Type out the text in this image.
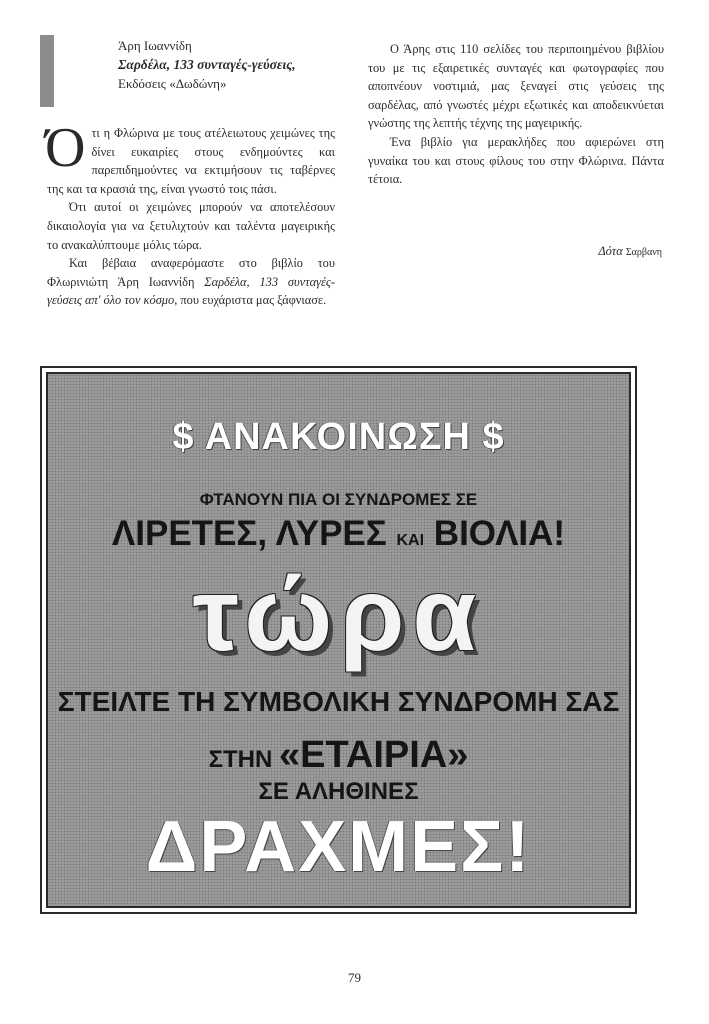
Άρη Ιωαννίδη
Σαρδέλα, 133 συνταγές-γεύσεις,
Εκδόσεις «Δωδώνη»

Ότι η Φλώρινα με τους ατέλειωτους χειμώνες της δίνει ευκαιρίες στους ενδημούντες και παρεπιδημούντες να εκτιμήσουν τις ταβέρνες της και τα κρασιά της, είναι γνωστό τοις πάσι.

Ότι αυτοί οι χειμώνες μπορούν να αποτελέσουν δικαιολογία για να ξετυλιχτούν και ταλέντα μαγειρικής το ανακαλύπτουμε μόλις τώρα.

Και βέβαια αναφερόμαστε στο βιβλίο του Φλωρινιώτη Άρη Ιωαννίδη Σαρδέλα, 133 συνταγές-γεύσεις απ' όλο τον κόσμο, που ευχάριστα μας ξάφνιασε.

Ο Άρης στις 110 σελίδες του περιποιημένου βιβλίου του με τις εξαιρετικές συνταγές και φωτογραφίες που αποπνέουν νοστιμιά, μας ξεναγεί στις γεύσεις της σαρδέλας, από γνωστές μέχρι εξωτικές και αποδεικνύεται γνώστης της λεπτής τέχνης της μαγειρικής.

Ένα βιβλίο για μερακλήδες που αφιερώνει στη γυναίκα του και στους φίλους του στην Φλώρινα. Πάντα τέτοια.

Δότα Σαρβανη
$ ΑΝΑΚΟΙΝΩΣΗ $
ΦΤΑΝΟΥΝ ΠΙΑ ΟΙ ΣΥΝΔΡΟΜΕΣ ΣΕ
ΛΙΡΕΤΕΣ, ΛΥΡΕΣ ΚΑΙ ΒΙΟΛΙΑ!
τώρα
ΣΤΕΙΛΤΕ ΤΗ ΣΥΜΒΟΛΙΚΗ ΣΥΝΔΡΟΜΗ ΣΑΣ
ΣΤΗΝ «ΕΤΑΙΡΙΑ»
ΣΕ ΑΛΗΘΙΝΕΣ
ΔΡΑΧΜΕΣ!
79
